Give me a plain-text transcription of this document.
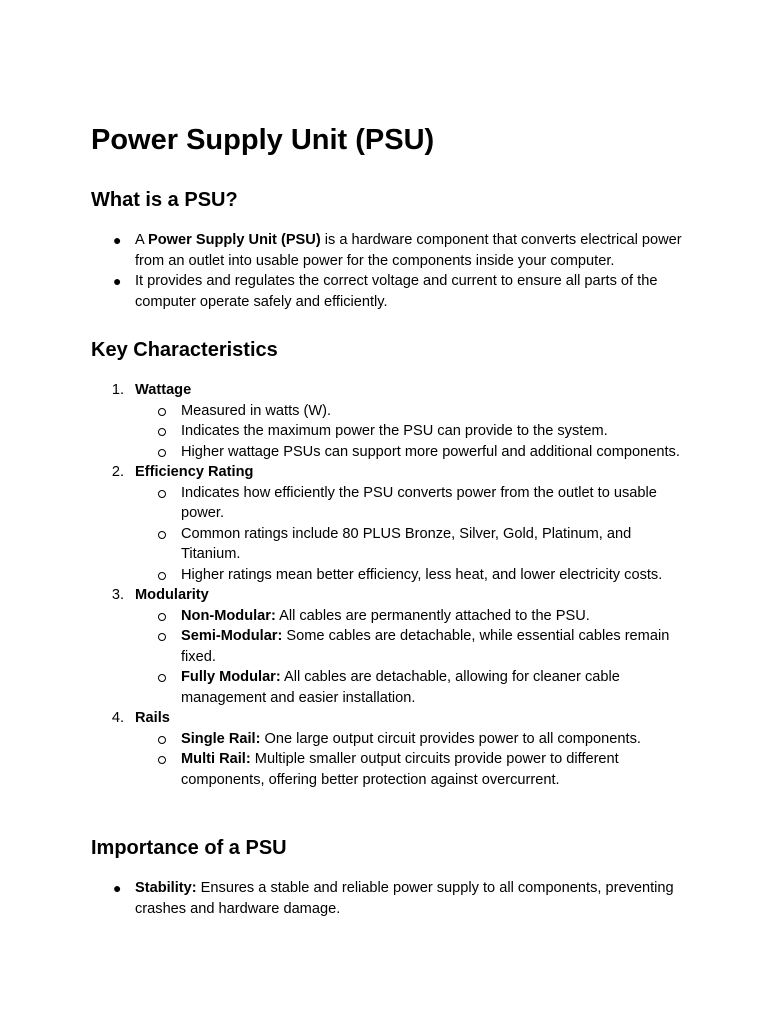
Power Supply Unit (PSU)
What is a PSU?
● A Power Supply Unit (PSU) is a hardware component that converts electrical power from an outlet into usable power for the components inside your computer.
● It provides and regulates the correct voltage and current to ensure all parts of the computer operate safely and efficiently.
Key Characteristics
1. Wattage
Measured in watts (W).
Indicates the maximum power the PSU can provide to the system.
Higher wattage PSUs can support more powerful and additional components.
2. Efficiency Rating
Indicates how efficiently the PSU converts power from the outlet to usable power.
Common ratings include 80 PLUS Bronze, Silver, Gold, Platinum, and Titanium.
Higher ratings mean better efficiency, less heat, and lower electricity costs.
3. Modularity
Non-Modular: All cables are permanently attached to the PSU.
Semi-Modular: Some cables are detachable, while essential cables remain fixed.
Fully Modular: All cables are detachable, allowing for cleaner cable management and easier installation.
4. Rails
Single Rail: One large output circuit provides power to all components.
Multi Rail: Multiple smaller output circuits provide power to different components, offering better protection against overcurrent.
Importance of a PSU
● Stability: Ensures a stable and reliable power supply to all components, preventing crashes and hardware damage.
